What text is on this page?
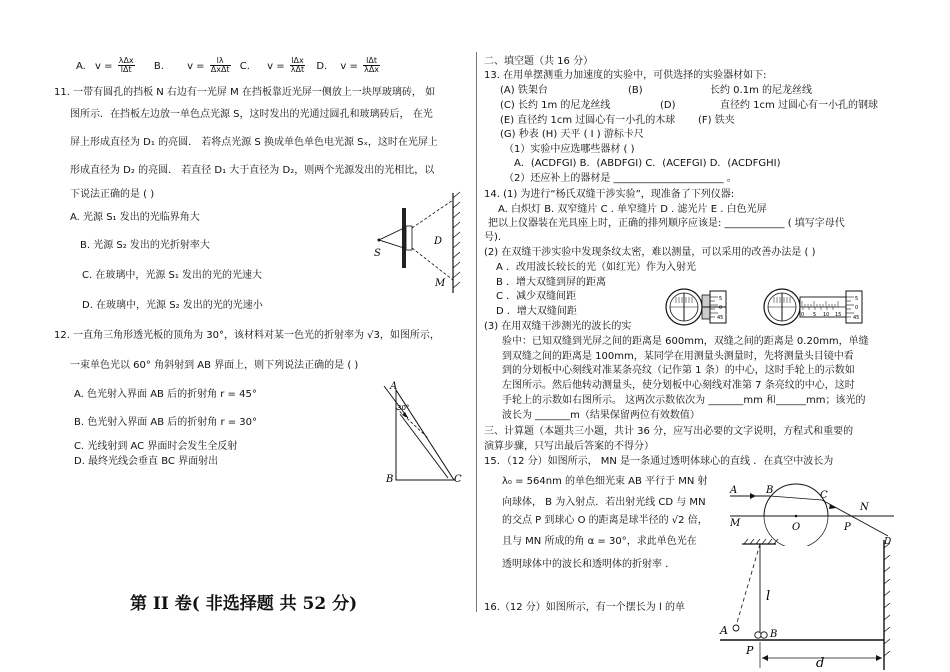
A. $v = \frac{\text{λΔx}}{\text{lΔt}} B$. $v = \frac{l\lambda}{\text{ΔxΔt}} C$. $v = \frac{\text{lΔx}}{\text{λΔt}} D$. $v = \frac{\text{lΔt}}{\text{λΔx}}$
11. 一带有圆孔的挡板 N 右边有一光屏 M 在挡板靠近光屏一侧放上一块厚玻璃砖， 如
图所示．在挡板左边放一单色点光源 S，这时发出的光通过圆孔和玻璃砖后， 在光
屏上形成直径为 D₁ 的亮圆． 若将点光源 S 换成单色单色电光源 Sₓ，这时在光屏上
形成直径为 D₂ 的亮圆． 若直径 D₁ 大于直径为 D₂，则两个光源发出的光相比，以
下说法正确的是 ( )
A. 光源 S₁ 发出的光临界角大
B. 光源 S₂ 发出的光折射率大
C. 在玻璃中，光源 S₁ 发出的光的光速大
D. 在玻璃中，光源 S₂ 发出的光的光速小
S
D
M
12. 一直角三角形透光板的顶角为 30°，该材料对某一色光的折射率为 √3，如图所示，
一束单色光以 60° 角斜射到 AB 界面上，则下列说法正确的是 ( )
A. 色光射入界面 AB 后的折射角 r = 45°
B. 色光射入界面 AB 后的折射角 r = 30°
C. 光线射到 AC 界面时会发生全反射
D. 最终光线会垂直 BC 界面射出
A
30°
B	C
第 II 卷( 非选择题 共 52 分)
二、填空题（共 16 分）
13. 在用单摆测重力加速度的实验中，可供选择的实验器材如下:
(A) 铁架台	(B)	长约 0.1m 的尼龙丝线
(C) 长约 1m 的尼龙丝线	(D)	直径约 1cm 过圆心有一小孔的钢球
(E) 直径约 1cm 过圆心有一小孔的木球 (F) 铁夹
(G) 秒表 (H) 天平 ( I ) 游标卡尺
（1）实验中应选哪些器材 ( )
A．(ACDFGI) B．(ABDFGI) C．(ACEFGI) D．(ACDFGHI)
（2）还应补上的器材是 ______________________ 。
14. (1) 为进行“杨氏双缝干涉实验”，现准备了下列仪器:
A. 白炽灯 B. 双窄缝片 C . 单窄缝片 D . 滤光片 E . 白色光屏
把以上仪器装在光具座上时，正确的排列顺序应该是: ____________ ( 填写字母代
号).
(2) 在双缝干涉实验中发现条纹太密，难以测量，可以采用的改善办法是 ( )
A ．改用波长较长的光（如红光）作为入射光
B ．增大双缝到屏的距离
C ．减少双缝间距
D ．增大双缝间距
(3) 在用双缝干涉测光的波长的实
验中：已知双缝到光屏之间的距离是 600mm，双缝之间的距离是 0.20mm，单缝
到双缝之间的距离是 100mm，某同学在用测量头测量时，先将测量头目镜中看
到的分划板中心刻线对准某条亮纹（记作第 1 条）的中心，这时手轮上的示数如
左图所示。然后他转动测量头，使分划板中心刻线对准第 7 条亮纹的中心，这时
手轮上的示数如右图所示。 这两次示数依次为 _______mm 和______mm；该光的
波长为 _______m（结果保留两位有效数值）
5
0
45	0 5 10 15
5
0
45
三、计算题（本题共三小题，共计 36 分，应写出必要的文字说明，方程式和重要的
演算步骤，只写出最后答案的不得分）
15．（12 分）如图所示， MN 是一条通过透明体球心的直线 ．在真空中波长为
λ₀ = 564nm 的单色细光束 AB 平行于 MN 射
向球体， B 为入射点．若出射光线 CD 与 MN
的交点 P 到球心 O 的距离是球半径的 √2 倍，
且与 MN 所成的角 α = 30°，求此单色光在
透明球体中的波长和透明体的折射率 ．
A	B	C
N
M	O	P
D
16.（12 分）如图所示，有一个摆长为 l 的单
l
A	B
P
d
